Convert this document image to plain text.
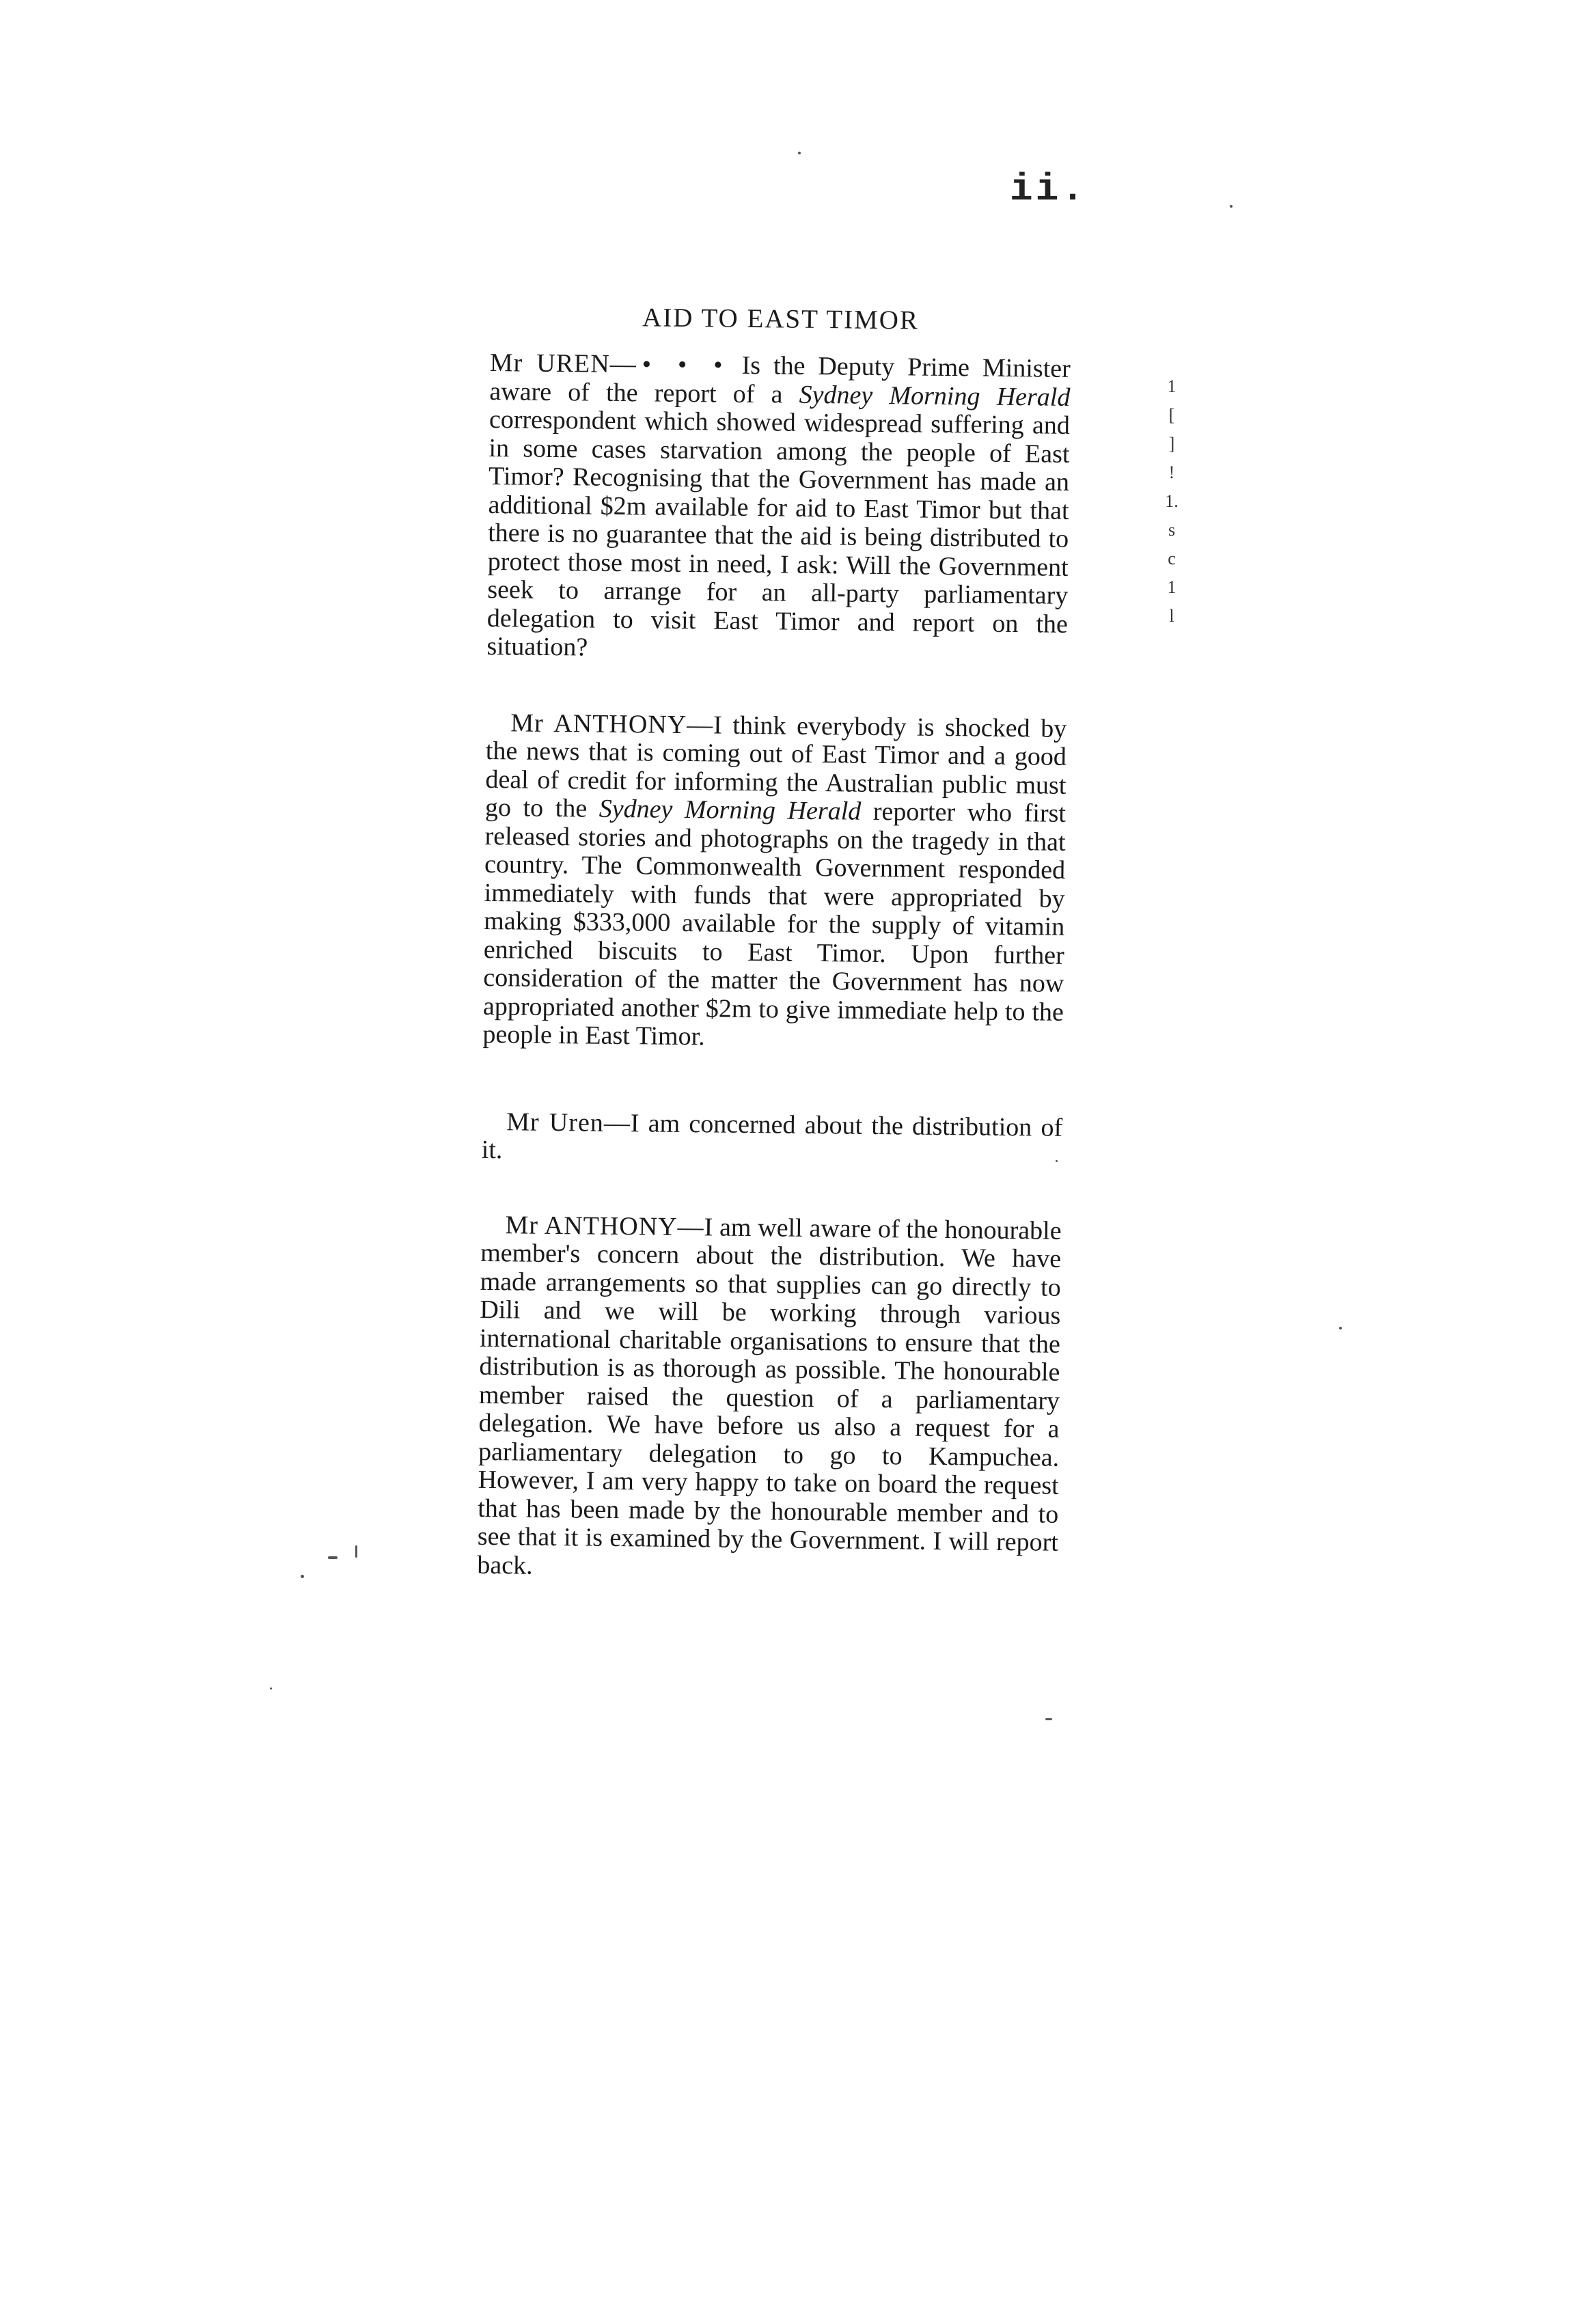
ii.
AID TO EAST TIMOR

Mr UREN— • • • Is the Deputy Prime Minister aware of the report of a Sydney Morning Herald correspondent which showed widespread suffering and in some cases starvation among the people of East Timor? Recognising that the Government has made an additional $2m available for aid to East Timor but that there is no guarantee that the aid is being distributed to protect those most in need, I ask: Will the Government seek to arrange for an all-party parliamentary delegation to visit East Timor and report on the situation?

Mr ANTHONY—I think everybody is shocked by the news that is coming out of East Timor and a good deal of credit for informing the Australian public must go to the Sydney Morning Herald reporter who first released stories and photographs on the tragedy in that country. The Commonwealth Government responded immediately with funds that were appropriated by making $333,000 available for the supply of vitamin enriched biscuits to East Timor. Upon further consideration of the matter the Government has now appropriated another $2m to give immediate help to the people in East Timor.

Mr Uren—I am concerned about the distribution of it.

Mr ANTHONY—I am well aware of the honourable member's concern about the distribution. We have made arrangements so that supplies can go directly to Dili and we will be working through various international charitable organisations to ensure that the distribution is as thorough as possible. The honourable member raised the question of a parliamentary delegation. We have before us also a request for a parliamentary delegation to go to Kampuchea. However, I am very happy to take on board the request that has been made by the honourable member and to see that it is examined by the Government. I will report back.

1
[
]
!
1.
s
c
1
l
